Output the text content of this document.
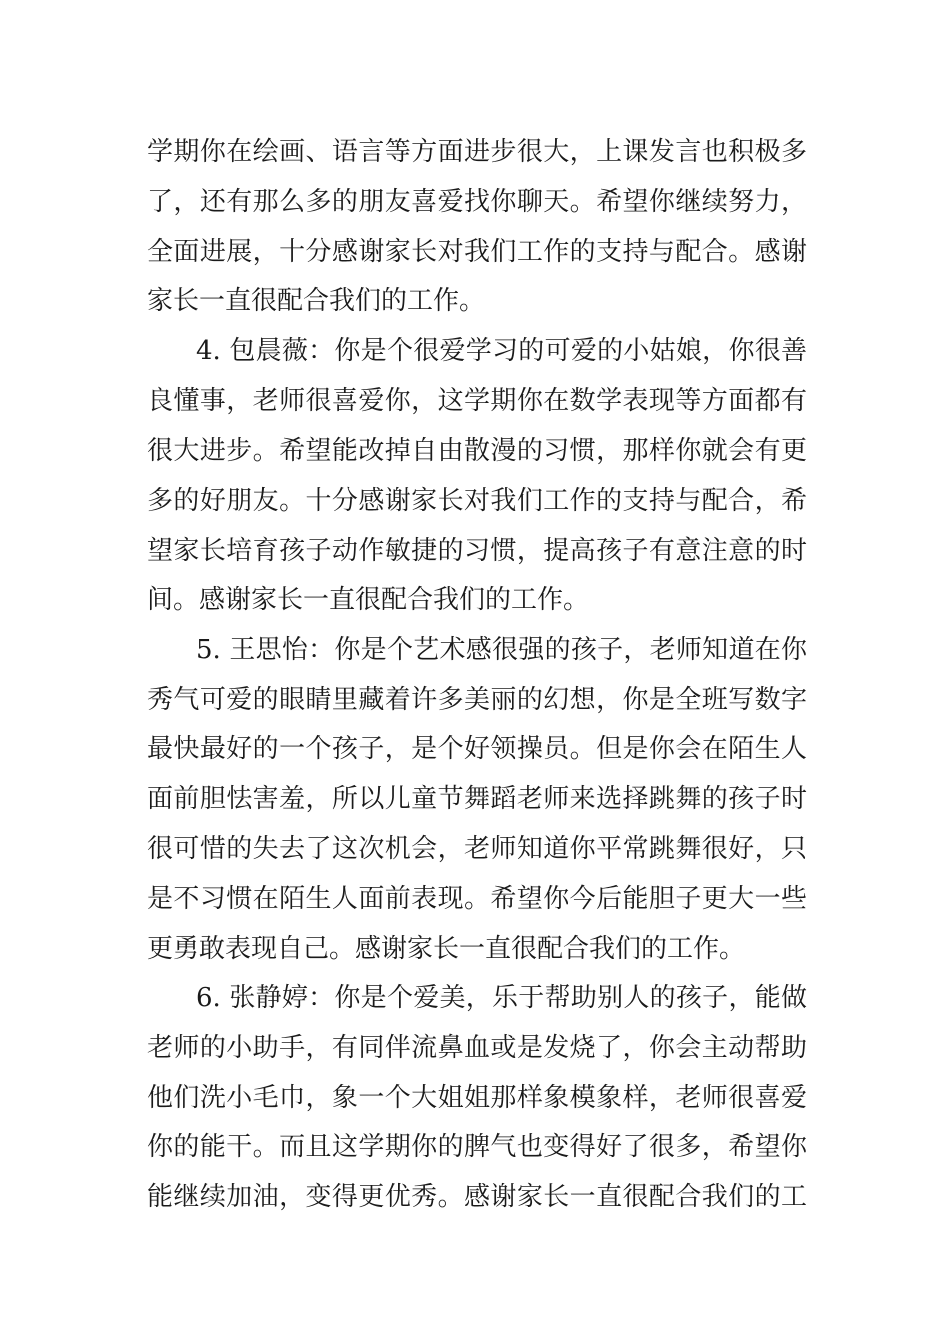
学期你在绘画、语言等方面进步很大，上课发言也积极多
了，还有那么多的朋友喜爱找你聊天。希望你继续努力，
全面进展，十分感谢家长对我们工作的支持与配合。感谢
家长一直很配合我们的工作。
4. 包晨薇：你是个很爱学习的可爱的小姑娘，你很善
良懂事，老师很喜爱你，这学期你在数学表现等方面都有
很大进步。希望能改掉自由散漫的习惯，那样你就会有更
多的好朋友。十分感谢家长对我们工作的支持与配合，希
望家长培育孩子动作敏捷的习惯，提高孩子有意注意的时
间。感谢家长一直很配合我们的工作。
5. 王思怡：你是个艺术感很强的孩子，老师知道在你
秀气可爱的眼睛里藏着许多美丽的幻想，你是全班写数字
最快最好的一个孩子，是个好领操员。但是你会在陌生人
面前胆怯害羞，所以儿童节舞蹈老师来选择跳舞的孩子时
很可惜的失去了这次机会，老师知道你平常跳舞很好，只
是不习惯在陌生人面前表现。希望你今后能胆子更大一些
更勇敢表现自己。感谢家长一直很配合我们的工作。
6. 张静婷：你是个爱美，乐于帮助别人的孩子，能做
老师的小助手，有同伴流鼻血或是发烧了，你会主动帮助
他们洗小毛巾，象一个大姐姐那样象模象样，老师很喜爱
你的能干。而且这学期你的脾气也变得好了很多，希望你
能继续加油，变得更优秀。感谢家长一直很配合我们的工
